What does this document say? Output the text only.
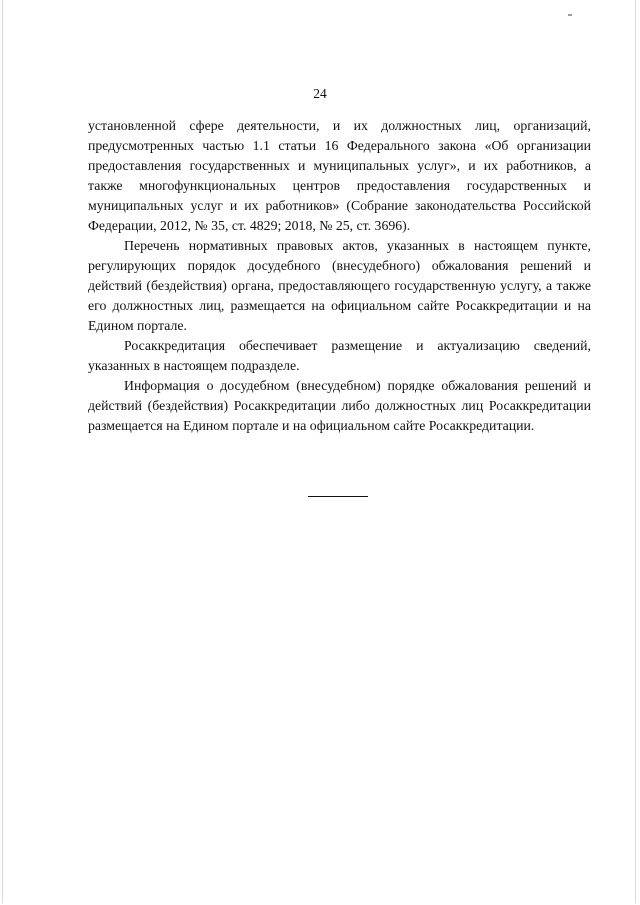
24

установленной сфере деятельности, и их должностных лиц, организаций, предусмотренных частью 1.1 статьи 16 Федерального закона «Об организации предоставления государственных и муниципальных услуг», и их работников, а также многофункциональных центров предоставления государственных и муниципальных услуг и их работников» (Собрание законодательства Российской Федерации, 2012, № 35, ст. 4829; 2018, № 25, ст. 3696).

Перечень нормативных правовых актов, указанных в настоящем пункте, регулирующих порядок досудебного (внесудебного) обжалования решений и действий (бездействия) органа, предоставляющего государственную услугу, а также его должностных лиц, размещается на официальном сайте Росаккредитации и на Едином портале.

Росаккредитация обеспечивает размещение и актуализацию сведений, указанных в настоящем подразделе.

Информация о досудебном (внесудебном) порядке обжалования решений и действий (бездействия) Росаккредитации либо должностных лиц Росаккредитации размещается на Едином портале и на официальном сайте Росаккредитации.
